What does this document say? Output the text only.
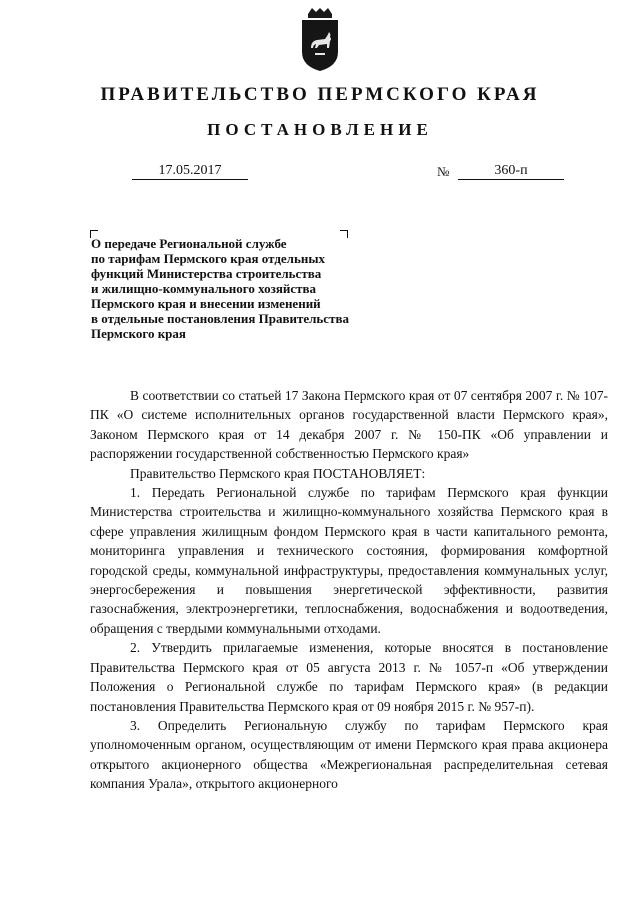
ПРАВИТЕЛЬСТВО ПЕРМСКОГО КРАЯ
ПОСТАНОВЛЕНИЕ
17.05.2017	№	360-п
О передаче Региональной службе
по тарифам Пермского края отдельных
функций Министерства строительства
и жилищно-коммунального хозяйства
Пермского края и внесении изменений
в отдельные постановления Правительства
Пермского края

В соответствии со статьей 17 Закона Пермского края от 07 сентября 2007 г. № 107-ПК «О системе исполнительных органов государственной власти Пермского края», Законом Пермского края от 14 декабря 2007 г. № 150-ПК «Об управлении и распоряжении государственной собственностью Пермского края»

Правительство Пермского края ПОСТАНОВЛЯЕТ:

1. Передать Региональной службе по тарифам Пермского края функции Министерства строительства и жилищно-коммунального хозяйства Пермского края в сфере управления жилищным фондом Пермского края в части капитального ремонта, мониторинга управления и технического состояния, формирования комфортной городской среды, коммунальной инфраструктуры, предоставления коммунальных услуг, энергосбережения и повышения энергетической эффективности, развития газоснабжения, электроэнергетики, теплоснабжения, водоснабжения и водоотведения, обращения с твердыми коммунальными отходами.

2. Утвердить прилагаемые изменения, которые вносятся в постановление Правительства Пермского края от 05 августа 2013 г. № 1057-п «Об утверждении Положения о Региональной службе по тарифам Пермского края» (в редакции постановления Правительства Пермского края от 09 ноября 2015 г. № 957-п).

3. Определить Региональную службу по тарифам Пермского края уполномоченным органом, осуществляющим от имени Пермского края права акционера открытого акционерного общества «Межрегиональная распределительная сетевая компания Урала», открытого акционерного
